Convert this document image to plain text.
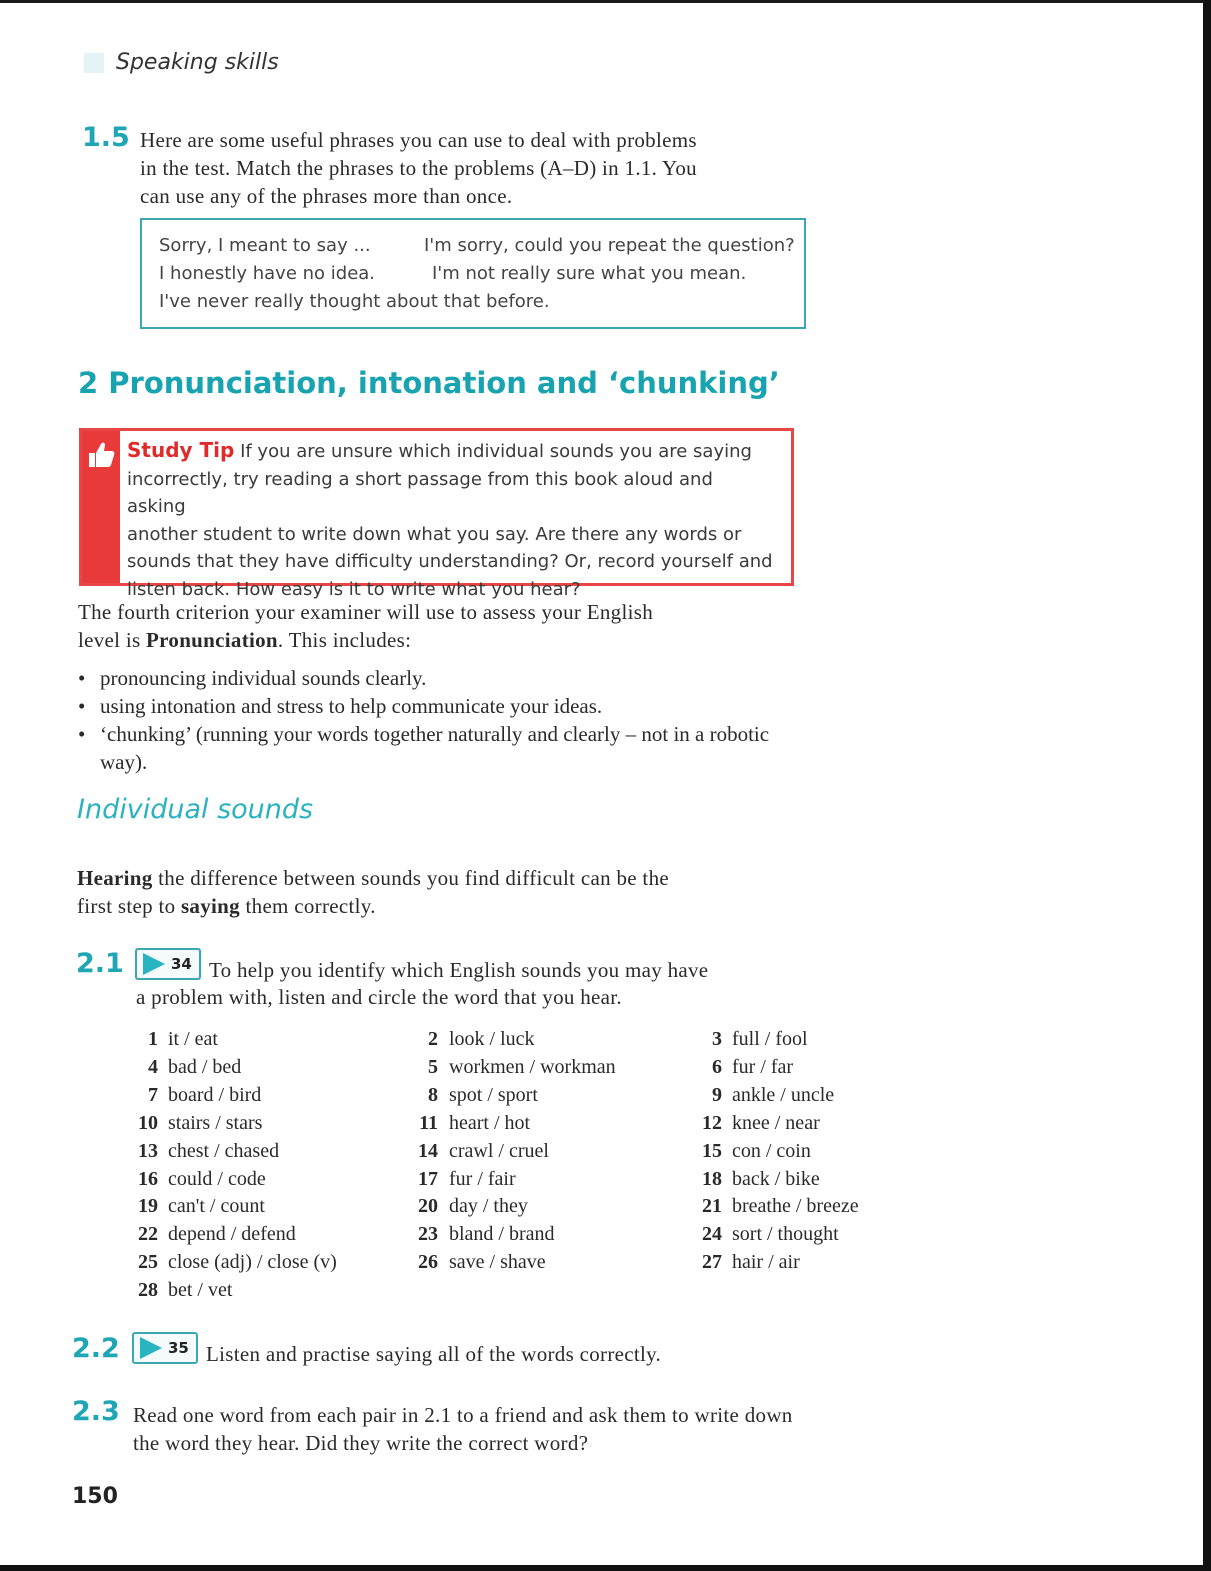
Speaking skills
1.5 Here are some useful phrases you can use to deal with problems
in the test. Match the phrases to the problems (A–D) in 1.1. You
can use any of the phrases more than once.
Sorry, I meant to say ...	I'm sorry, could you repeat the question?
I honestly have no idea.	I'm not really sure what you mean.
I've never really thought about that before.
2 Pronunciation, intonation and ‘chunking’
Study Tip If you are unsure which individual sounds you are saying
incorrectly, try reading a short passage from this book aloud and asking
another student to write down what you say. Are there any words or
sounds that they have difficulty understanding? Or, record yourself and
listen back. How easy is it to write what you hear?
The fourth criterion your examiner will use to assess your English
level is Pronunciation. This includes:
• pronouncing individual sounds clearly.
• using intonation and stress to help communicate your ideas.
• ‘chunking’ (running your words together naturally and clearly – not in a robotic way).
Individual sounds
Hearing the difference between sounds you find difficult can be the
first step to saying them correctly.
2.1	34 To help you identify which English sounds you may have
a problem with, listen and circle the word that you hear.
1 it / eat	2 look / luck	3 full / fool
4 bad / bed	5 workmen / workman	6 fur / far
7 board / bird	8 spot / sport	9 ankle / uncle
10 stairs / stars	11 heart / hot	12 knee / near
13 chest / chased	14 crawl / cruel	15 con / coin
16 could / code	17 fur / fair	18 back / bike
19 can't / count	20 day / they	21 breathe / breeze
22 depend / defend	23 bland / brand	24 sort / thought
25 close (adj) / close (v)	26 save / shave	27 hair / air
28 bet / vet
2.2	35 Listen and practise saying all of the words correctly.
2.3 Read one word from each pair in 2.1 to a friend and ask them to write down
the word they hear. Did they write the correct word?
150
